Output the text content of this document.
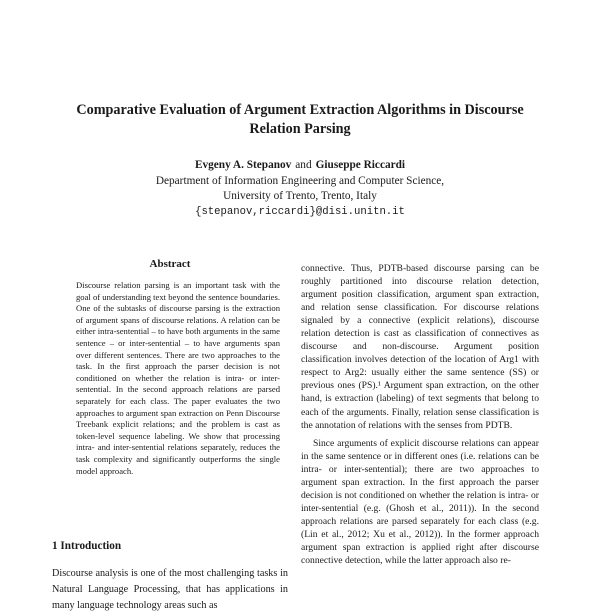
Comparative Evaluation of Argument Extraction Algorithms in Discourse
Relation Parsing
Evgeny A. Stepanov and Giuseppe Riccardi
Department of Information Engineering and Computer Science,
University of Trento, Trento, Italy
{stepanov,riccardi}@disi.unitn.it
Abstract

Discourse relation parsing is an important task with the goal of understanding text beyond the sentence boundaries. One of the subtasks of discourse parsing is the extraction of argument spans of discourse relations. A relation can be either intra-sentential – to have both arguments in the same sentence – or inter-sentential – to have arguments span over different sentences. There are two approaches to the task. In the first approach the parser decision is not conditioned on whether the relation is intra- or inter-sentential. In the second approach relations are parsed separately for each class. The paper evaluates the two approaches to argument span extraction on Penn Discourse Treebank explicit relations; and the problem is cast as token-level sequence labeling. We show that processing intra- and inter-sentential relations separately, reduces the task complexity and significantly outperforms the single model approach.

1 Introduction

Discourse analysis is one of the most challenging tasks in Natural Language Processing, that has applications in many language technology areas such as

connective. Thus, PDTB-based discourse parsing can be roughly partitioned into discourse relation detection, argument position classification, argument span extraction, and relation sense classification. For discourse relations signaled by a connective (explicit relations), discourse relation detection is cast as classification of connectives as discourse and non-discourse. Argument position classification involves detection of the location of Arg1 with respect to Arg2: usually either the same sentence (SS) or previous ones (PS).¹ Argument span extraction, on the other hand, is extraction (labeling) of text segments that belong to each of the arguments. Finally, relation sense classification is the annotation of relations with the senses from PDTB.

Since arguments of explicit discourse relations can appear in the same sentence or in different ones (i.e. relations can be intra- or inter-sentential); there are two approaches to argument span extraction. In the first approach the parser decision is not conditioned on whether the relation is intra- or inter-sentential (e.g. (Ghosh et al., 2011)). In the second approach relations are parsed separately for each class (e.g. (Lin et al., 2012; Xu et al., 2012)). In the former approach argument span extraction is applied right after discourse connective detection, while the latter approach also re-
